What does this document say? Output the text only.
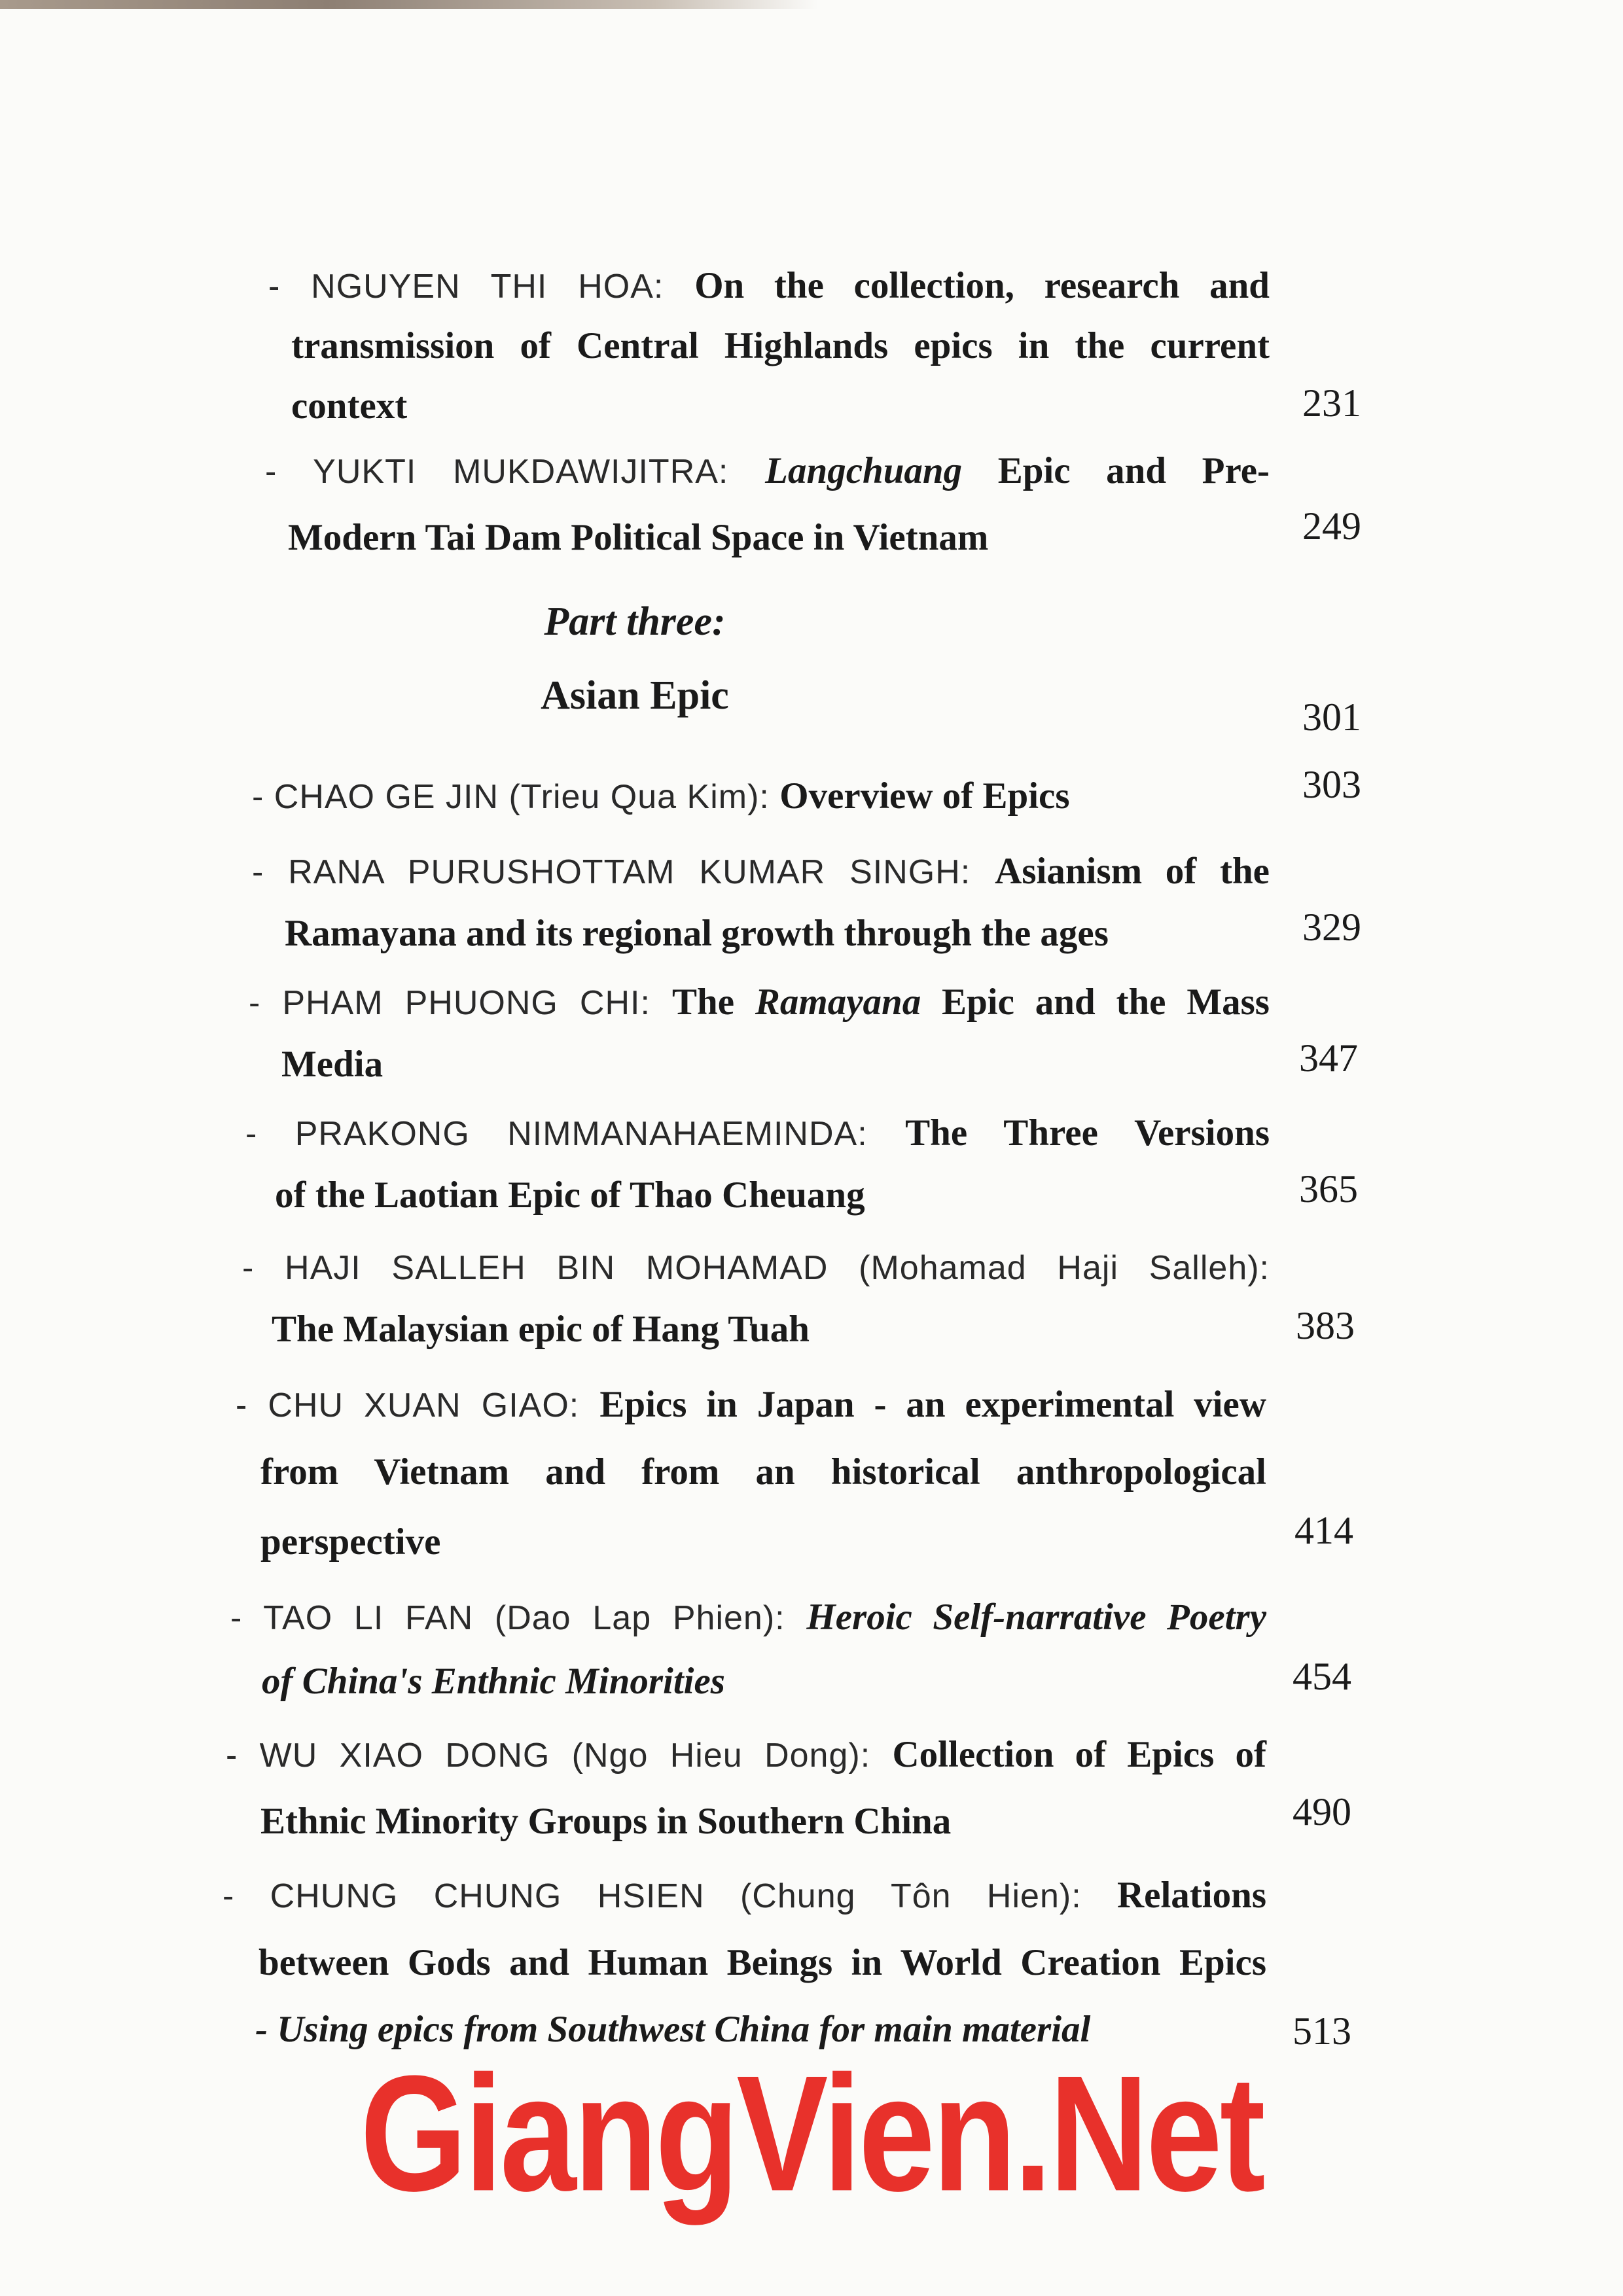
- NGUYEN THI HOA: On the collection, research and
transmission of Central Highlands epics in the current
context	231
- YUKTI MUKDAWIJITRA: Langchuang Epic and Pre-
Modern Tai Dam Political Space in Vietnam	249
Part three:
Asian Epic	301
- CHAO GE JIN (Trieu Qua Kim): Overview of Epics	303
- RANA PURUSHOTTAM KUMAR SINGH: Asianism of the
Ramayana and its regional growth through the ages	329
- PHAM PHUONG CHI: The Ramayana Epic and the Mass
Media	347
- PRAKONG NIMMANAHAEMINDA: The Three Versions
of the Laotian Epic of Thao Cheuang	365
- HAJI SALLEH BIN MOHAMAD (Mohamad Haji Salleh):
The Malaysian epic of Hang Tuah	383
- CHU XUAN GIAO: Epics in Japan - an experimental view
from Vietnam and from an historical anthropological
perspective	414
- TAO LI FAN (Dao Lap Phien): Heroic Self-narrative Poetry
of China's Enthnic Minorities	454
- WU XIAO DONG (Ngo Hieu Dong): Collection of Epics of
Ethnic Minority Groups in Southern China	490
- CHUNG CHUNG HSIEN (Chung Tôn Hien): Relations
between Gods and Human Beings in World Creation Epics
- Using epics from Southwest China for main material	513
GiangVien.Net
